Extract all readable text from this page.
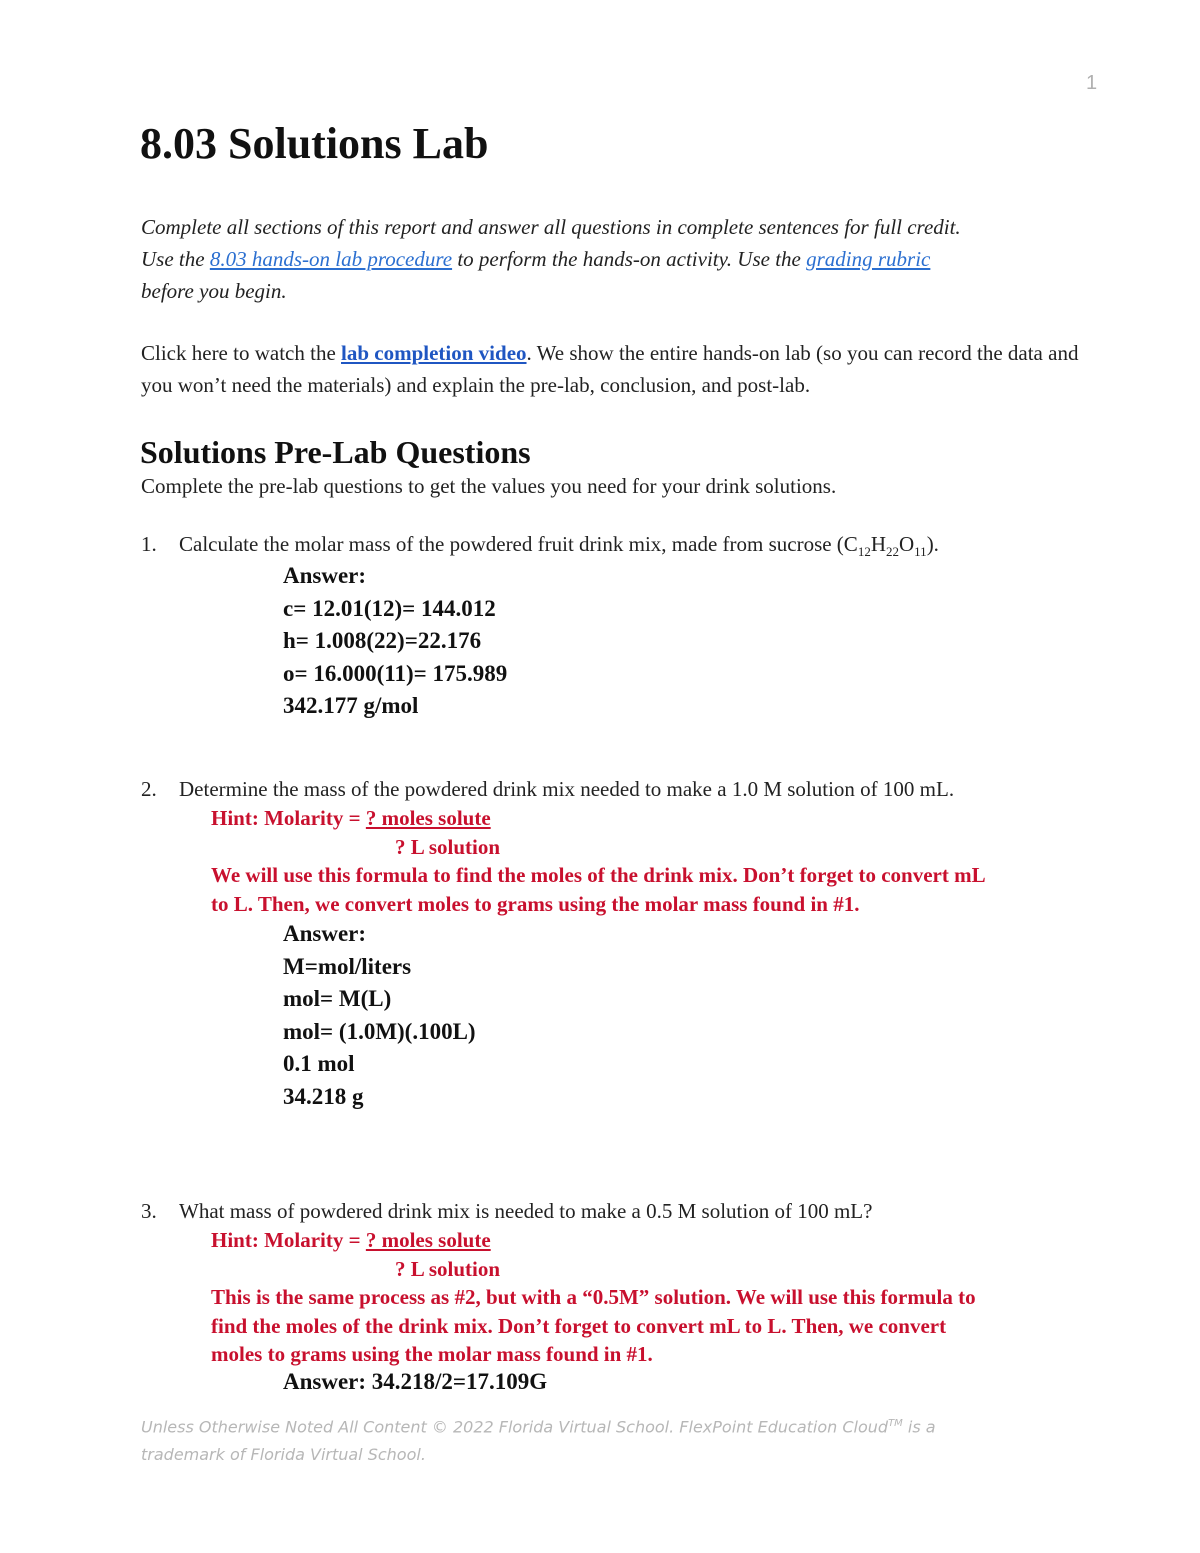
1
8.03 Solutions Lab
Complete all sections of this report and answer all questions in complete sentences for full credit.
Use the 8.03 hands-on lab procedure to perform the hands-on activity. Use the grading rubric
before you begin.
Click here to watch the lab completion video. We show the entire hands-on lab (so you can record the data and you won’t need the materials) and explain the pre-lab, conclusion, and post-lab.
Solutions Pre-Lab Questions
Complete the pre-lab questions to get the values you need for your drink solutions.
1. Calculate the molar mass of the powdered fruit drink mix, made from sucrose $(C_{12}H_{22}O_{11})$.
Answer:
c= 12.01(12)= 144.012
h= 1.008(22)=22.176
o= 16.000(11)= 175.989
342.177 g/mol
2. Determine the mass of the powdered drink mix needed to make a 1.0 M solution of 100 mL.
Hint: Molarity = ? moles solute
? L solution
We will use this formula to find the moles of the drink mix. Don’t forget to convert mL
to L. Then, we convert moles to grams using the molar mass found in #1.
Answer:
M=mol/liters
mol= M(L)
mol= (1.0M)(.100L)
0.1 mol
34.218 g
3. What mass of powdered drink mix is needed to make a 0.5 M solution of 100 mL?
Hint: Molarity = ? moles solute
? L solution
This is the same process as #2, but with a “0.5M” solution. We will use this formula to
find the moles of the drink mix. Don’t forget to convert mL to L. Then, we convert
moles to grams using the molar mass found in #1.
Answer: 34.218/2=17.109G
Unless Otherwise Noted All Content © 2022 Florida Virtual School. FlexPoint Education Cloud™ is a
trademark of Florida Virtual School.
